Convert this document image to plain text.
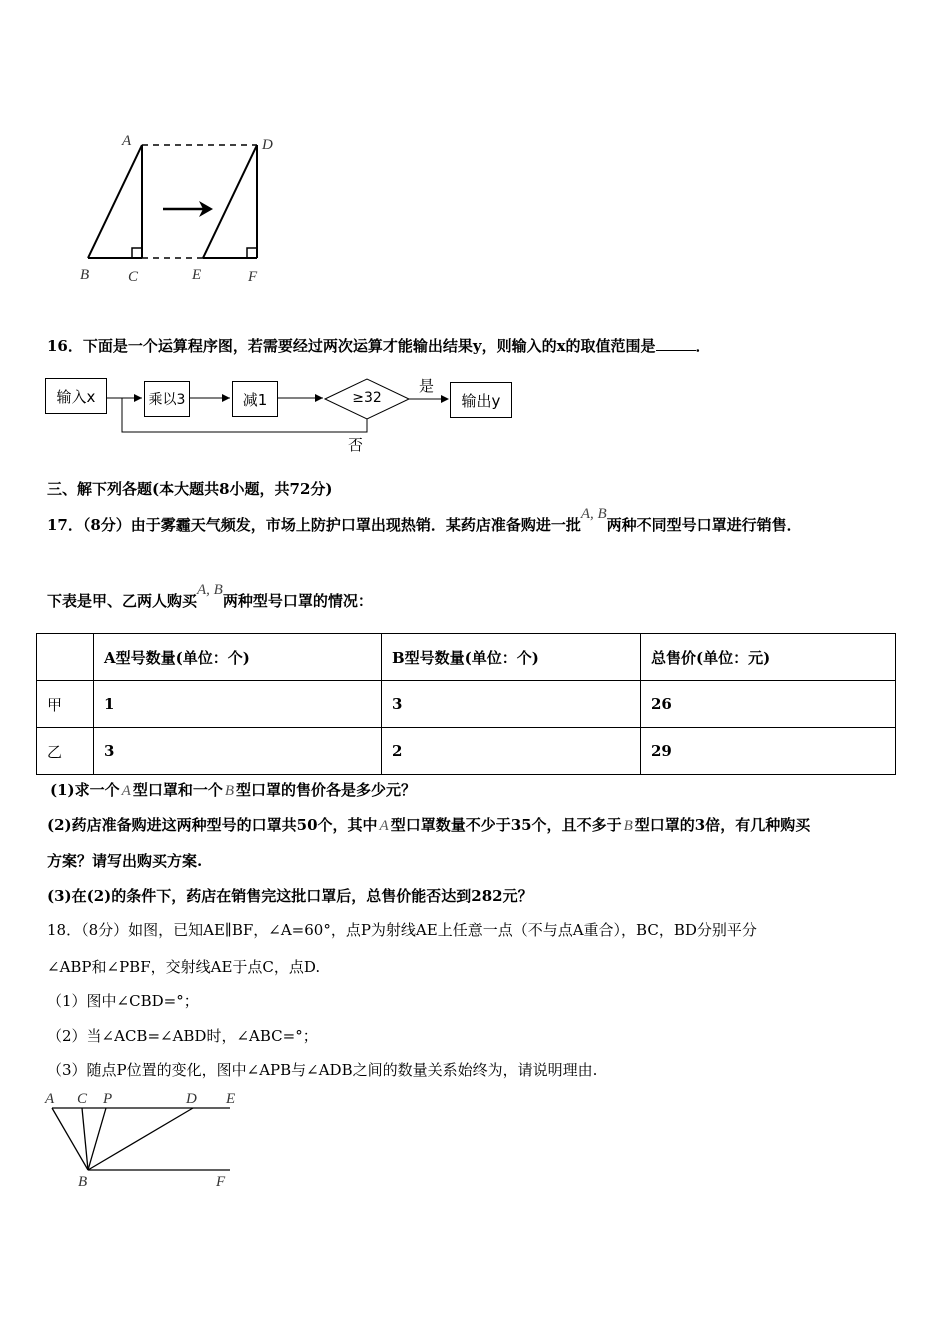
A	D
B	C	E	F
16．下面是一个运算程序图，若需要经过两次运算才能输出结果y，则输入的x的取值范围是	．
输入x	乘以3	减1	≥32
是
否
输出y
三、解下列各题(本大题共8小题，共72分)
17．（8分）由于雾霾天气频发，市场上防护口罩出现热销．某药店准备购进一批A, B两种不同型号口罩进行销售．
下表是甲、乙两人购买A, B两种型号口罩的情况：
	A型号数量(单位：个)	B型号数量(单位：个)	总售价(单位：元)
甲	1	3	26
乙	3	2	29
(1)求一个 A 型口罩和一个 B 型口罩的售价各是多少元？
(2)药店准备购进这两种型号的口罩共50个，其中 A 型口罩数量不少于35个，且不多于 B 型口罩的3倍，有几种购买
方案？请写出购买方案.
(3)在(2)的条件下，药店在销售完这批口罩后，总售价能否达到282元？
18．（8分）如图，已知AE∥BF，∠A=60°，点P为射线AE上任意一点（不与点A重合），BC，BD分别平分
∠ABP和∠PBF，交射线AE于点C，点D.
（1）图中∠CBD=°；
（2）当∠ACB=∠ABD时，∠ABC=°；
（3）随点P位置的变化，图中∠APB与∠ADB之间的数量关系始终为，请说明理由.
A C P	D E
B	F
